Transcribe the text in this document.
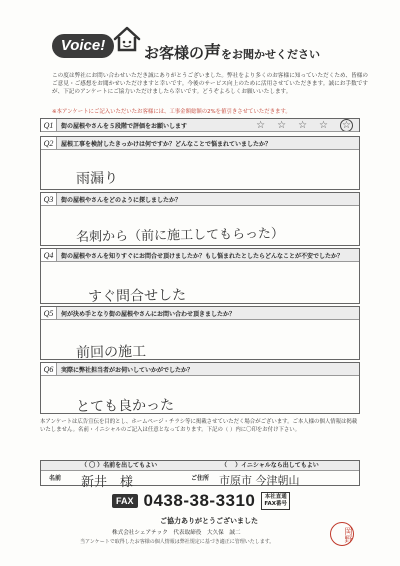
Voice!	お客様の声をお聞かせください
この度は弊社にお問い合わせいただき誠にありがとうございました。弊社をより多くのお客様に知っていただくため、皆様のご意見・ご感想をお聞かせいただけますと幸いです。今後のサービス向上のために活用させていただきます。誠にお手数ですが、下記のアンケートにご協力いただけましたら幸いです。どうぞよろしくお願いいたします。
※本アンケートにご記入いただいたお客様には、工事金額総額の2%を値引きさせていただきます。
Q1	街の屋根やさんを５段階で評価をお願いします	☆ ☆ ☆ ☆ ☆
Q2	屋根工事を検討したきっかけは何ですか？どんなことで悩まれていましたか？
雨漏り
Q3	街の屋根やさんをどのように探しましたか？
名刺から（前に施工してもらった）
Q4	街の屋根やさんを知りすぐにお問合せ頂けましたか？もし悩まれたとしたらどんなことが不安でしたか？
すぐ問合せした
Q5	何が決め手となり街の屋根やさんにお問い合わせ頂きましたか？
前回の施工
Q6	実際に弊社担当者がお伺いしていかがでしたか？
とても良かった
本アンケートは広告宣伝を目的とし、ホームページ・チラシ等に掲載させていただく場合がございます。ご本人様の個人情報は掲載いたしません。名前・イニシャルのご記入は任意となっております。下記の（ ）内に〇印をお付け下さい。
（ 〇 ）名前を出してもよい	（　 ）イニシャルなら出してもよい
名前 新井　様	ご住所 市原市 今津朝山
FAX 0438-38-3310	本社直通
FAX番号
ご協力ありがとうございました
株式会社シェアテック　代表取締役　大久保　誠二
当アンケートで取得したお客様の個人情報は弊社規定に基づき適正に管理いたします。	岡野
